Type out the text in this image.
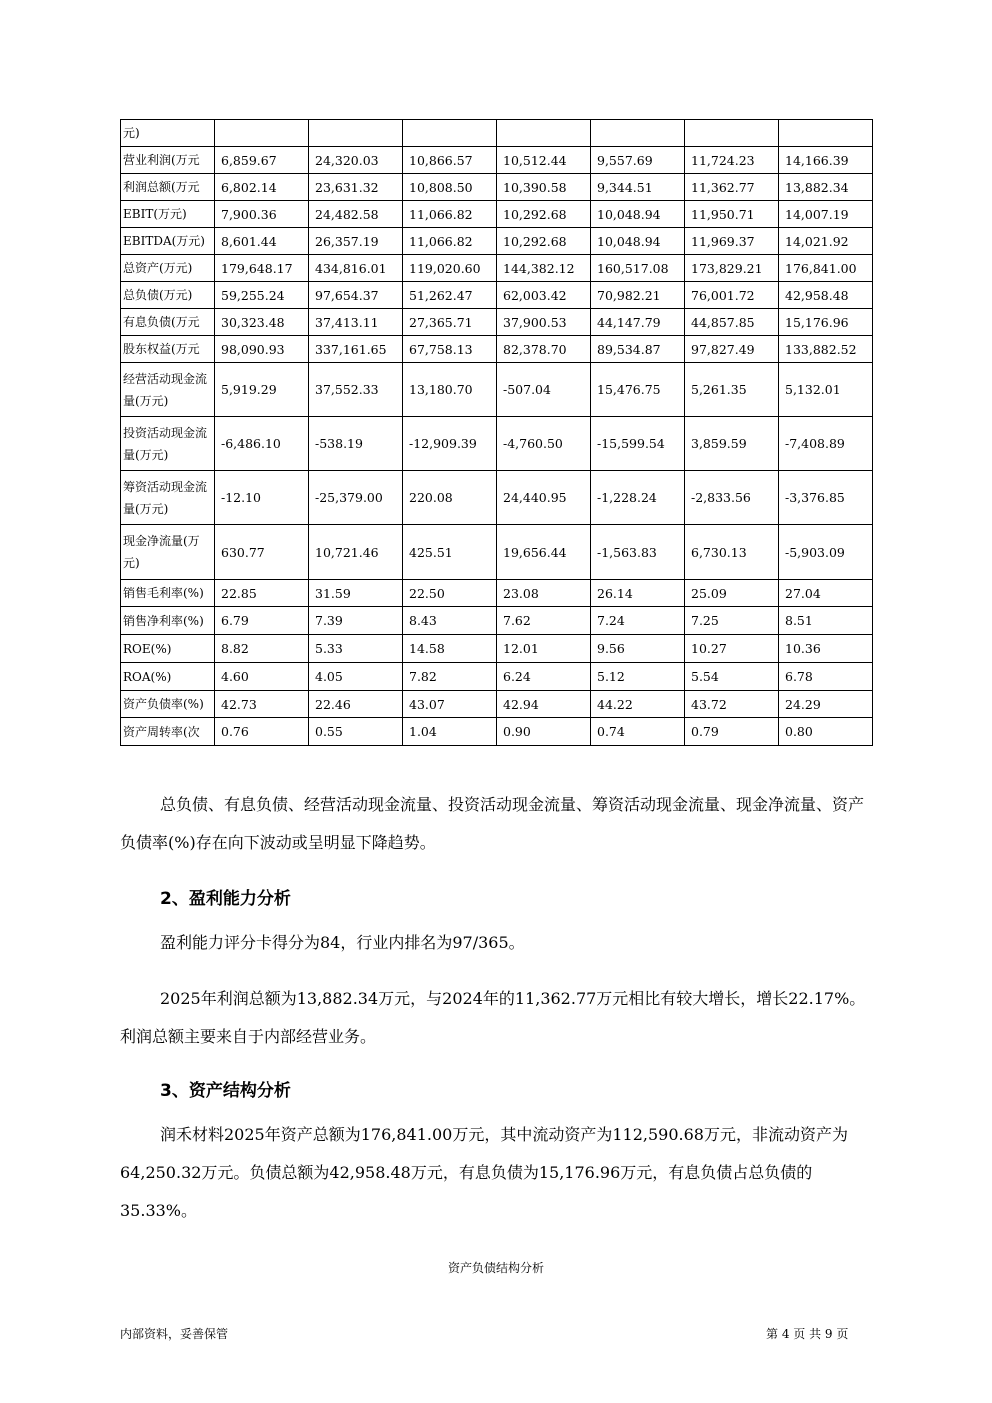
元)							
营业利润(万元	6,859.67	24,320.03	10,866.57	10,512.44	9,557.69	11,724.23	14,166.39
利润总额(万元	6,802.14	23,631.32	10,808.50	10,390.58	9,344.51	11,362.77	13,882.34
EBIT(万元)	7,900.36	24,482.58	11,066.82	10,292.68	10,048.94	11,950.71	14,007.19
EBITDA(万元)	8,601.44	26,357.19	11,066.82	10,292.68	10,048.94	11,969.37	14,021.92
总资产(万元)	179,648.17	434,816.01	119,020.60	144,382.12	160,517.08	173,829.21	176,841.00
总负债(万元)	59,255.24	97,654.37	51,262.47	62,003.42	70,982.21	76,001.72	42,958.48
有息负债(万元	30,323.48	37,413.11	27,365.71	37,900.53	44,147.79	44,857.85	15,176.96
股东权益(万元	98,090.93	337,161.65	67,758.13	82,378.70	89,534.87	97,827.49	133,882.52
经营活动现金流量(万元)	5,919.29	37,552.33	13,180.70	-507.04	15,476.75	5,261.35	5,132.01
投资活动现金流量(万元)	-6,486.10	-538.19	-12,909.39	-4,760.50	-15,599.54	3,859.59	-7,408.89
筹资活动现金流量(万元)	-12.10	-25,379.00	220.08	24,440.95	-1,228.24	-2,833.56	-3,376.85
现金净流量(万元)	630.77	10,721.46	425.51	19,656.44	-1,563.83	6,730.13	-5,903.09
销售毛利率(%)	22.85	31.59	22.50	23.08	26.14	25.09	27.04
销售净利率(%)	6.79	7.39	8.43	7.62	7.24	7.25	8.51
ROE(%)	8.82	5.33	14.58	12.01	9.56	10.27	10.36
ROA(%)	4.60	4.05	7.82	6.24	5.12	5.54	6.78
资产负债率(%)	42.73	22.46	43.07	42.94	44.22	43.72	24.29
资产周转率(次	0.76	0.55	1.04	0.90	0.74	0.79	0.80
总负债、有息负债、经营活动现金流量、投资活动现金流量、筹资活动现金流量、现金净流量、资产负债率(%)存在向下波动或呈明显下降趋势。
2、盈利能力分析
盈利能力评分卡得分为84，行业内排名为97/365。
2025年利润总额为13,882.34万元，与2024年的11,362.77万元相比有较大增长，增长22.17%。利润总额主要来自于内部经营业务。
3、资产结构分析
润禾材料2025年资产总额为176,841.00万元，其中流动资产为112,590.68万元，非流动资产为64,250.32万元。负债总额为42,958.48万元，有息负债为15,176.96万元，有息负债占总负债的35.33%。
资产负债结构分析
内部资料，妥善保管	第 4 页 共 9 页
